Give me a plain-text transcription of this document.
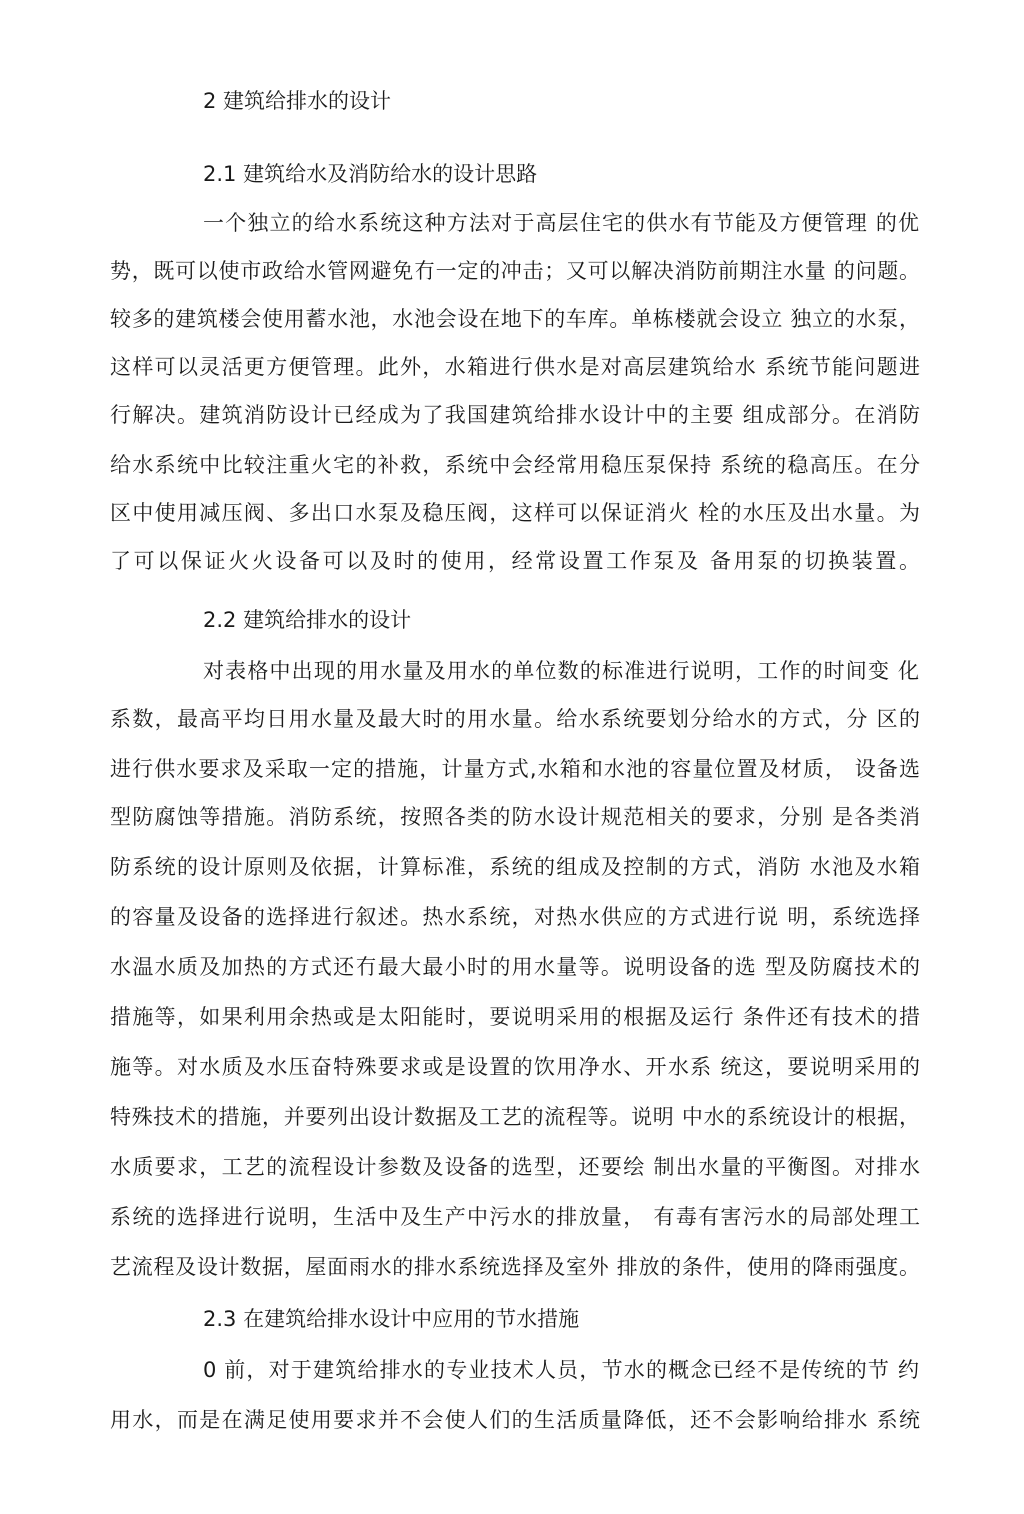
2 建筑给排水的设计
2.1 建筑给水及消防给水的设计思路
一个独立的给水系统这种方法对于高层住宅的供水有节能及方便管理 的优
势，既可以使市政给水管网避免冇一定的冲击；又可以解决消防前期注水量 的问题。
较多的建筑楼会使用蓄水池，水池会设在地下的车库。单栋楼就会设立 独立的水泵，
这样可以灵活更方便管理。此外，水箱进行供水是对高层建筑给水 系统节能问题进
行解决。建筑消防设计已经成为了我国建筑给排水设计中的主要 组成部分。在消防
给水系统中比较注重火宅的补救，系统中会经常用稳压泵保持 系统的稳高压。在分
区中使用减压阀、多出口水泵及稳压阀，这样可以保证消火 栓的水压及出水量。为
了可以保证火火设备可以及时的使用，经常设置工作泵及 备用泵的切换装置。
2.2 建筑给排水的设计
对表格中出现的用水量及用水的单位数的标准进行说明，工作的时间变 化
系数，最高平均日用水量及最大时的用水量。给水系统要划分给水的方式，分 区的
进行供水要求及采取一定的措施，计量方式,水箱和水池的容量位置及材质， 设备选
型防腐蚀等措施。消防系统，按照各类的防水设计规范相关的要求，分别 是各类消
防系统的设计原则及依据，计算标准，系统的组成及控制的方式，消防 水池及水箱
的容量及设备的选择进行叙述。热水系统，对热水供应的方式进行说 明，系统选择
水温水质及加热的方式还冇最大最小时的用水量等。说明设备的选 型及防腐技术的
措施等，如果利用余热或是太阳能时，要说明采用的根据及运行 条件还有技术的措
施等。对水质及水压奋特殊要求或是设置的饮用净水、开水系 统这，要说明采用的
特殊技术的措施，并要列出设计数据及工艺的流程等。说明 中水的系统设计的根据，
水质要求，工艺的流程设计参数及设备的选型，还要绘 制出水量的平衡图。对排水
系统的选择进行说明，生活中及生产中污水的排放量， 有毒有害污水的局部处理工
艺流程及设计数据，屋面雨水的排水系统选择及室外 排放的条件，使用的降雨强度。
2.3 在建筑给排水设计中应用的节水措施
0 前，对于建筑给排水的专业技术人员，节水的概念已经不是传统的节 约
用水，而是在满足使用要求并不会使人们的生活质量降低，还不会影响给排水 系统
